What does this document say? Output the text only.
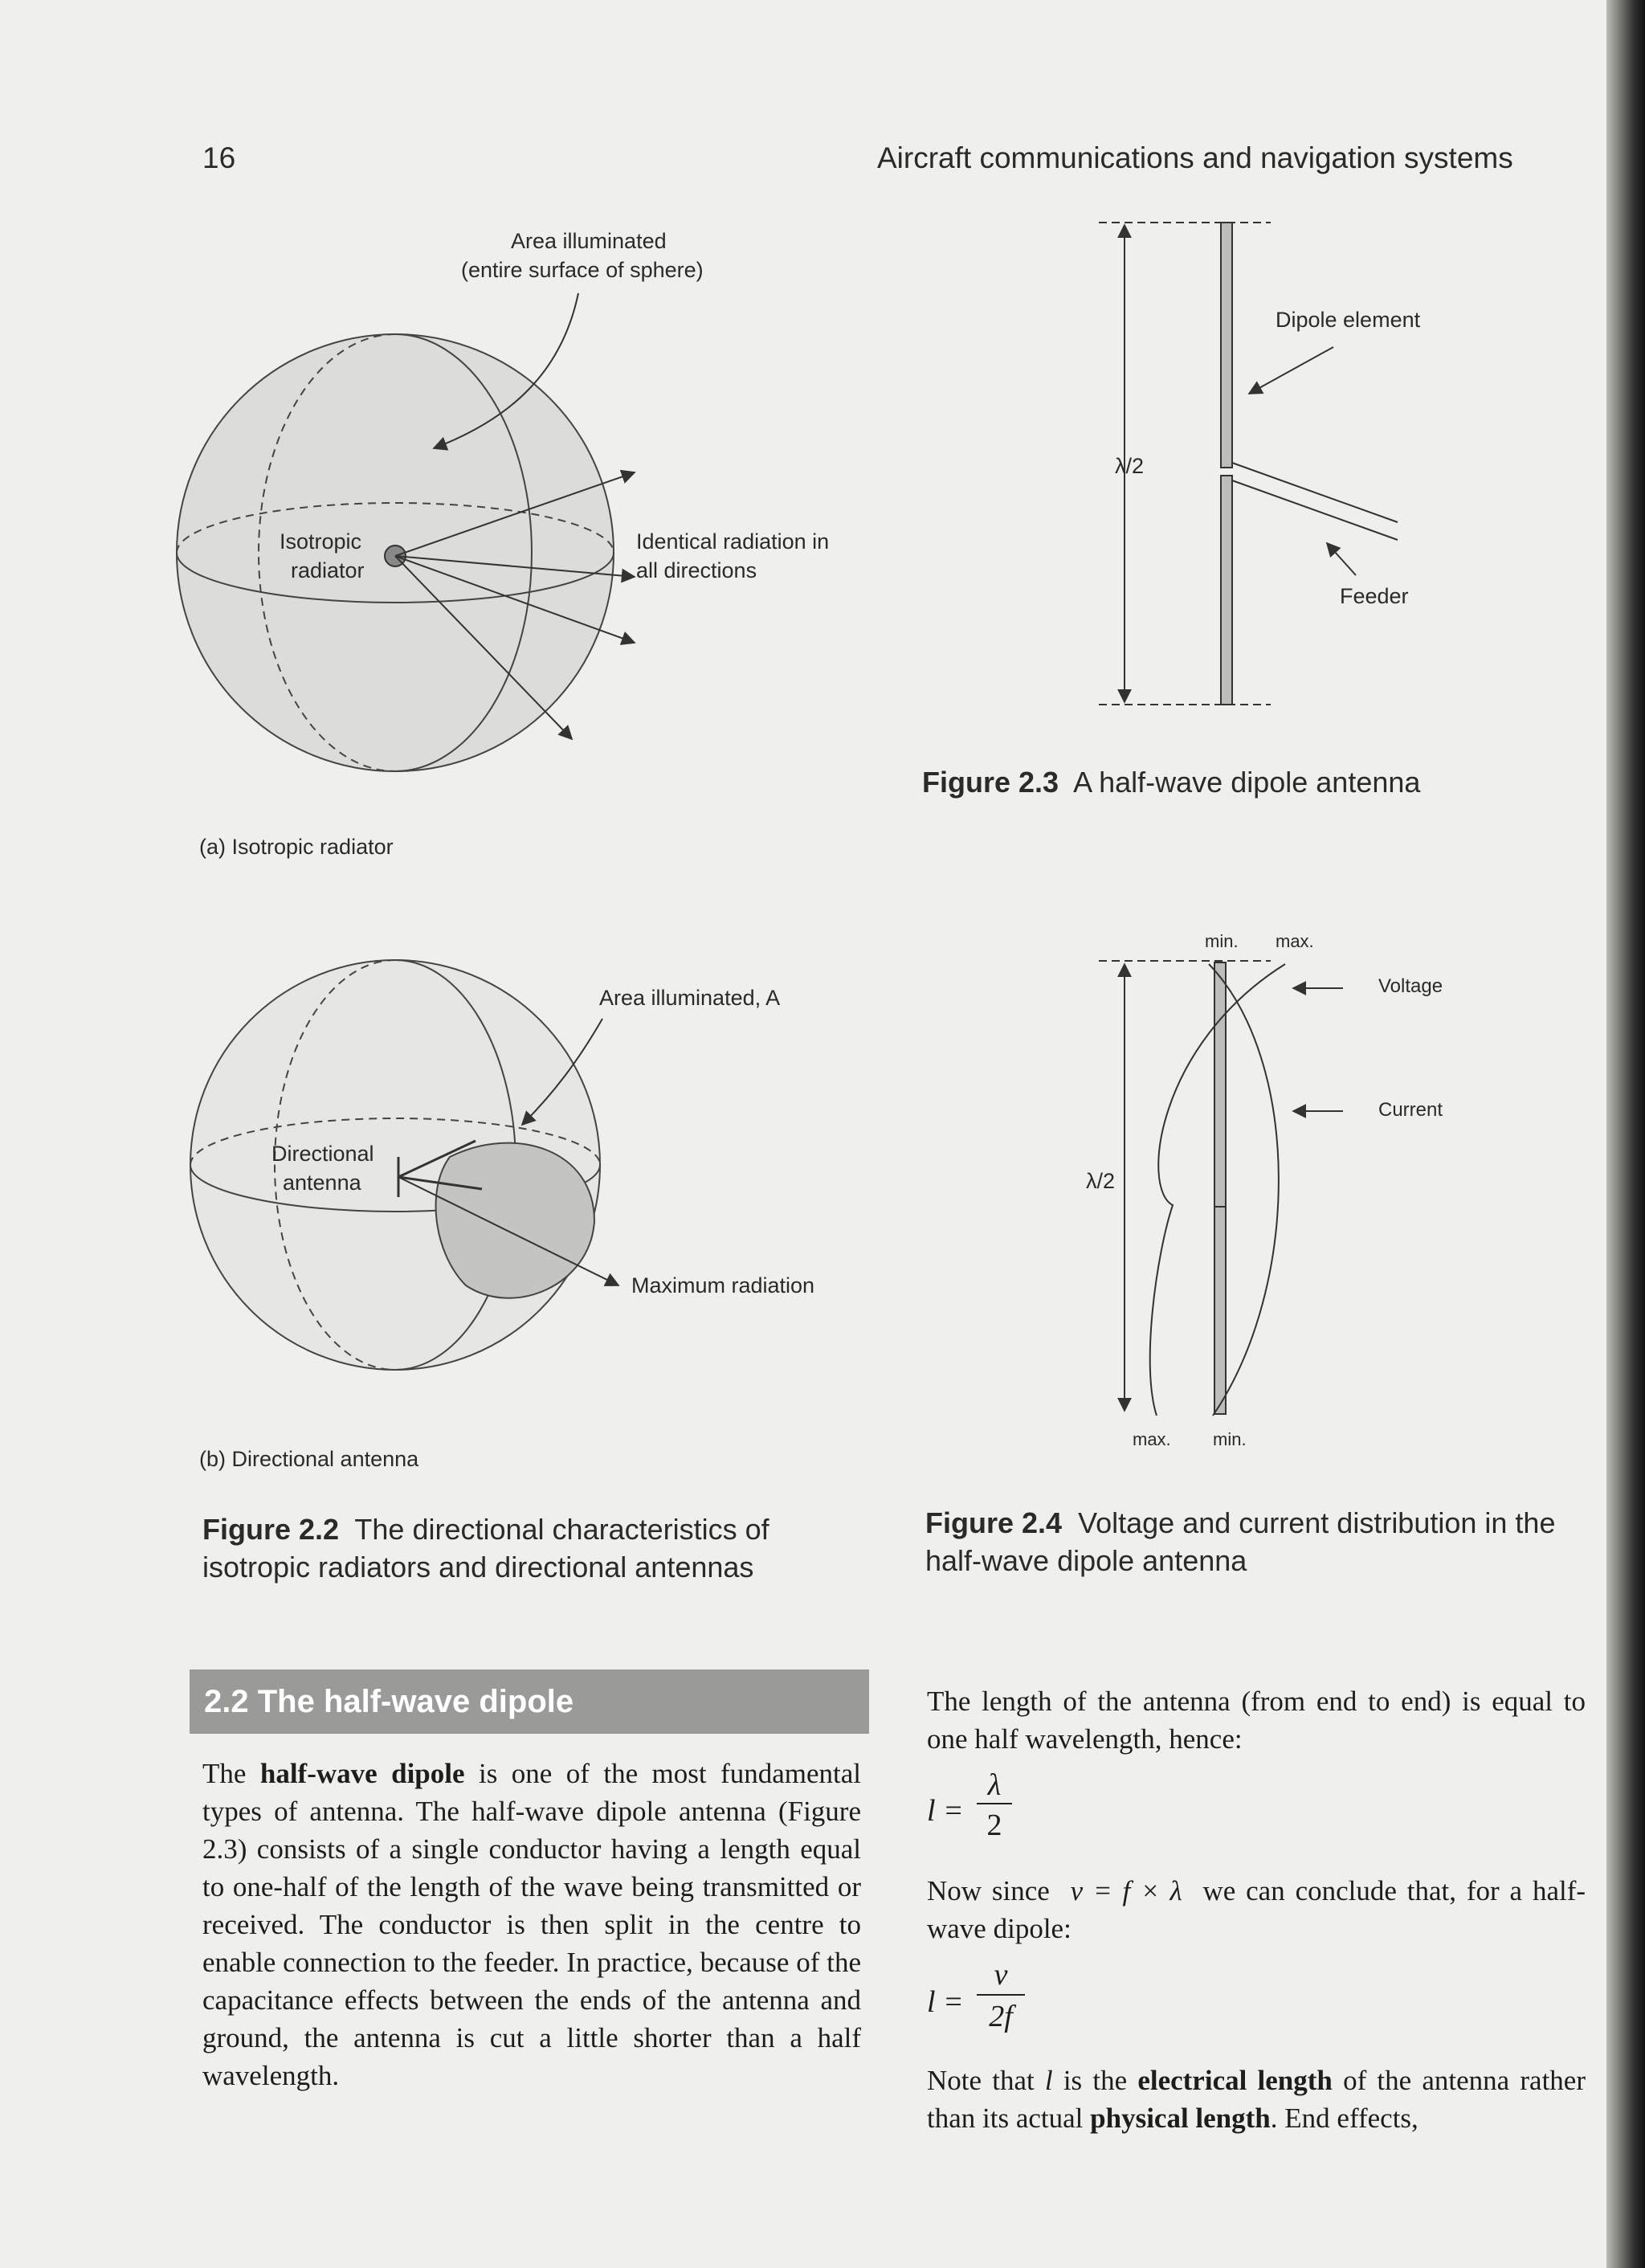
16	Aircraft communications and navigation systems
Area illuminated
(entire surface of sphere)
Isotropic
radiator
Identical radiation in
all directions
(a) Isotropic radiator
Area illuminated, A
Directional
antenna
Maximum radiation
(b) Directional antenna
Figure 2.2 The directional characteristics of isotropic radiators and directional antennas
Dipole element
λ/2
Feeder
Figure 2.3 A half-wave dipole antenna
min. max.
Voltage
Current
λ/2
max. min.
Figure 2.4 Voltage and current distribution in the half-wave dipole antenna
2.2 The half-wave dipole
The half-wave dipole is one of the most fundamental types of antenna. The half-wave dipole antenna (Figure 2.3) consists of a single conductor having a length equal to one-half of the length of the wave being transmitted or received. The conductor is then split in the centre to enable connection to the feeder. In practice, because of the capacitance effects between the ends of the antenna and ground, the antenna is cut a little shorter than a half wavelength.
The length of the antenna (from end to end) is equal to one half wavelength, hence:
l =
λ
2
Now since v = f × λ we can conclude that, for a half-wave dipole:
l =
v
2f
Note that l is the electrical length of the antenna rather than its actual physical length. End effects,
